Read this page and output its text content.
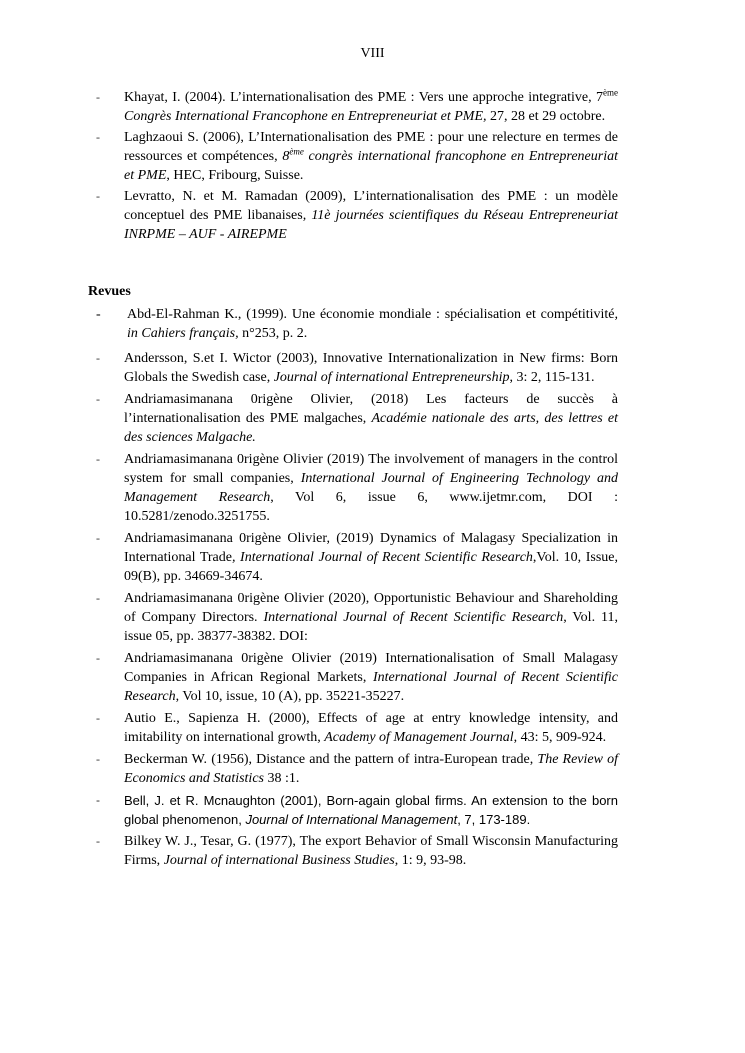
VIII
- Khayat, I. (2004). L’internationalisation des PME : Vers une approche integrative, 7ème Congrès International Francophone en Entrepreneuriat et PME, 27, 28 et 29 octobre.
- Laghzaoui S. (2006), L’Internationalisation des PME : pour une relecture en termes de ressources et compétences, 8ème congrès international francophone en Entrepreneuriat et PME, HEC, Fribourg, Suisse.
- Levratto, N. et M. Ramadan (2009), L’internationalisation des PME : un modèle conceptuel des PME libanaises, 11è journées scientifiques du Réseau Entrepreneuriat INRPME – AUF - AIREPME
Revues
- Abd-El-Rahman K., (1999). Une économie mondiale : spécialisation et compétitivité, in Cahiers français, n°253, p. 2.
- Andersson, S.et I. Wictor (2003), Innovative Internationalization in New firms: Born Globals the Swedish case, Journal of international Entrepreneurship, 3: 2, 115-131.
- Andriamasimanana 0rigène Olivier, (2018) Les facteurs de succès à l’internationalisation des PME malgaches, Académie nationale des arts, des lettres et des sciences Malgache.
- Andriamasimanana 0rigène Olivier (2019) The involvement of managers in the control system for small companies, International Journal of Engineering Technology and Management Research, Vol 6, issue 6, www.ijetmr.com, DOI : 10.5281/zenodo.3251755.
- Andriamasimanana 0rigène Olivier, (2019) Dynamics of Malagasy Specialization in International Trade, International Journal of Recent Scientific Research,Vol. 10, Issue, 09(B), pp. 34669-34674.
- Andriamasimanana 0rigène Olivier (2020), Opportunistic Behaviour and Shareholding of Company Directors. International Journal of Recent Scientific Research, Vol. 11, issue 05, pp. 38377-38382. DOI:
- Andriamasimanana 0rigène Olivier (2019) Internationalisation of Small Malagasy Companies in African Regional Markets, International Journal of Recent Scientific Research, Vol 10, issue, 10 (A), pp. 35221-35227.
- Autio E., Sapienza H. (2000), Effects of age at entry knowledge intensity, and imitability on international growth, Academy of Management Journal, 43: 5, 909-924.
- Beckerman W. (1956), Distance and the pattern of intra-European trade, The Review of Economics and Statistics 38 :1.
- Bell, J. et R. Mcnaughton (2001), Born-again global firms. An extension to the born global phenomenon, Journal of International Management, 7, 173-189.
- Bilkey W. J., Tesar, G. (1977), The export Behavior of Small Wisconsin Manufacturing Firms, Journal of international Business Studies, 1: 9, 93-98.
